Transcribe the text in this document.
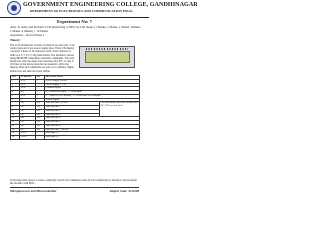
GOVERNMENT ENGINEERING COLLEGE, GANDHINAGAR
DEPARTMENT OF ELECTRONICS AND COMMUNICATION ENGG.
Experiment No: 7
Aim: To study and Perform LCD Interfacing to 8051 in 4-bit mode. (1 Marks, 1 Marks, 1 Marks, 2Marks, 1 Marks, 4 Marks) = 10 Marks
Apparatus: - Keil uVision 4
Theory:
The LCD module has 16 pins of which 8 are data pins, 3 are control pins and 2 are power supply pins. This LCD display can show 2 lines of 16 characters each. Each character is built on a 5×7 (or 5×10) pixel matrix. The module is driven using HD44780 compatible controller commands. The 4-bit mode uses only the upper four data lines D4–D7, so only 6 I/O lines of the microcontroller are needed to drive the display. Data and commands are sent as two nibbles, higher nibble first and then the lower nibble.
PIN	SYMBOL	I/O	DESCRIPTION	
1	VSS	-	Power supply (GND)	
2	VCC	-	Power supply (+5V)	
3	VEE	-	Contrast adjust	
4	RS	I	0 = Instruction input, 1 = Data input	
5	R/W	I	0 = Write to LCD module, 1 = Read from LCD module	
6	E	I	Enable signal	
7	D0	I/O	Data bus line 0 (LSB)	For 4-bit mode, the lower 4 data lines (D0–D3) are not used.
8	D1	I/O	Data bus line 1	
9	D2	I/O	Data bus line 2	
10	D3	I/O	Data bus line 3	
11	D4	I/O	Data bus line 4	
12	D5	I/O	Data bus line 5	
13	D6	I/O	Data bus line 6	
14	D7	I/O	Data bus line 7 (MSB)	
15	LED+	-	Backlight (+)	
16	LED-	-	Backlight (-)	
Following table shows a some commonly used LCD command codes (LCD commands) to interface and program the module with 8051.
Microprocessor and Microcontroller	Subject Code: 3141008
